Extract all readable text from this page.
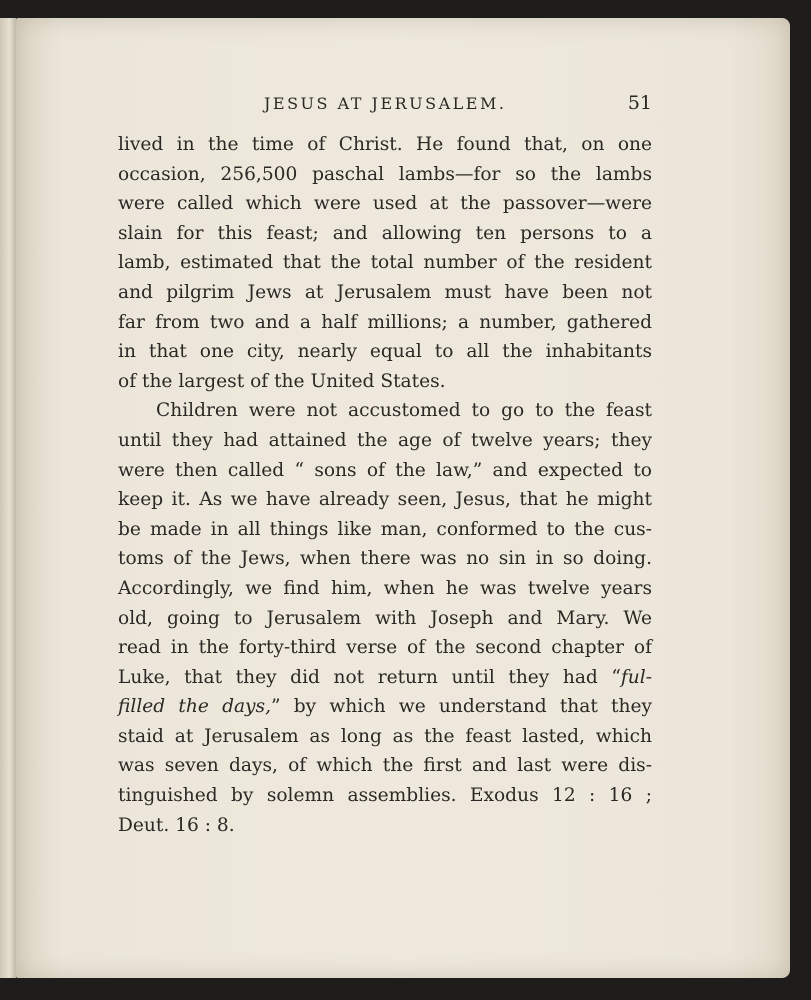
JESUS AT JERUSALEM.	51
lived in the time of Christ. He found that, on one
occasion, 256,500 paschal lambs—for so the lambs
were called which were used at the passover—were
slain for this feast; and allowing ten persons to a
lamb, estimated that the total number of the resident
and pilgrim Jews at Jerusalem must have been not
far from two and a half millions; a number, gathered
in that one city, nearly equal to all the inhabitants
of the largest of the United States.
Children were not accustomed to go to the feast
until they had attained the age of twelve years; they
were then called “ sons of the law,” and expected to
keep it. As we have already seen, Jesus, that he might
be made in all things like man, conformed to the cus-
toms of the Jews, when there was no sin in so doing.
Accordingly, we find him, when he was twelve years
old, going to Jerusalem with Joseph and Mary. We
read in the forty-third verse of the second chapter of
Luke, that they did not return until they had “ful-
filled the days,” by which we understand that they
staid at Jerusalem as long as the feast lasted, which
was seven days, of which the first and last were dis-
tinguished by solemn assemblies. Exodus 12 : 16 ;
Deut. 16 : 8.
